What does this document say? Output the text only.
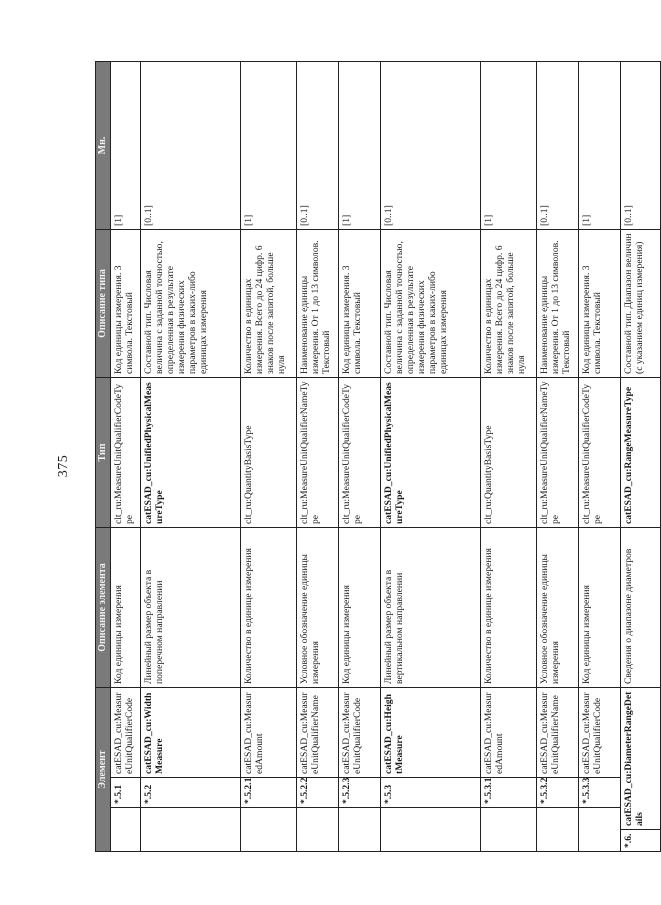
375
Элемент				Описание элемента	Тип	Описание типа	Мн.
		*.5.1	catESAD_cu:MeasureUnitQualifierCode	Код единицы измерения	clt_ru:MeasureUnitQualifierCodeType	Код единицы измерения. 3 символа. Текстовый	[1]
		*.5.2	catESAD_cu:WidthMeasure	Линейный размер объекта в поперечном направлении	catESAD_cu:UnifiedPhysicalMeasureType	Составной тип. Числовая величина с заданной точностью, определенная в результате измерения физических параметров в каких-либо единицах измерения	[0..1]
		*.5.2.1	catESAD_cu:MeasuredAmount	Количество в единице измерения	clt_ru:QuantityBasisType	Количество в единицах измерения. Всего до 24 цифр. 6 знаков после запятой, больше нуля	[1]
		*.5.2.2	catESAD_cu:MeasureUnitQualifierName	Условное обозначение единицы измерения	clt_ru:MeasureUnitQualifierNameType	Наименование единицы измерения. От 1 до 13 символов. Текстовый	[0..1]
		*.5.2.3	catESAD_cu:MeasureUnitQualifierCode	Код единицы измерения	clt_ru:MeasureUnitQualifierCodeType	Код единицы измерения. 3 символа. Текстовый	[1]
		*.5.3	catESAD_cu:HeightMeasure	Линейный размер объекта в вертикальном направлении	catESAD_cu:UnifiedPhysicalMeasureType	Составной тип. Числовая величина с заданной точностью, определенная в результате измерения физических параметров в каких-либо единицах измерения	[0..1]
		*.5.3.1	catESAD_cu:MeasuredAmount	Количество в единице измерения	clt_ru:QuantityBasisType	Количество в единицах измерения. Всего до 24 цифр. 6 знаков после запятой, больше нуля	[1]
		*.5.3.2	catESAD_cu:MeasureUnitQualifierName	Условное обозначение единицы измерения	clt_ru:MeasureUnitQualifierNameType	Наименование единицы измерения. От 1 до 13 символов. Текстовый	[0..1]
		*.5.3.3	catESAD_cu:MeasureUnitQualifierCode	Код единицы измерения	clt_ru:MeasureUnitQualifierCodeType	Код единицы измерения. 3 символа. Текстовый	[1]
*.6.	catESAD_cu:DiameterRangeDetails			Сведения о диапазоне диаметров	catESAD_cu:RangeMeasureType	Составной тип. Диапазон величин (с указанием единиц измерения)	[0..1]
